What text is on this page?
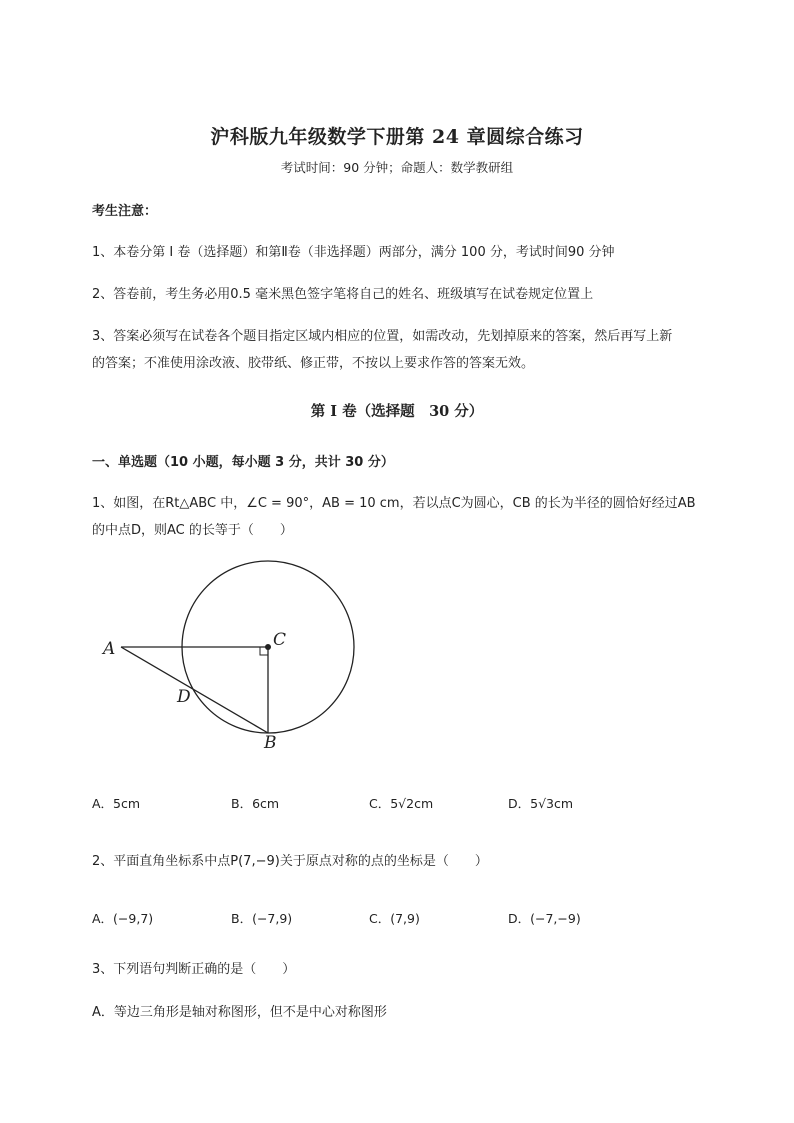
沪科版九年级数学下册第 24 章圆综合练习
考试时间：90 分钟；命题人：数学教研组
考生注意：
1、本卷分第 I 卷（选择题）和第Ⅱ卷（非选择题）两部分，满分 100 分，考试时间90 分钟
2、答卷前，考生务必用0.5 毫米黑色签字笔将自己的姓名、班级填写在试卷规定位置上
3、答案必须写在试卷各个题目指定区域内相应的位置，如需改动，先划掉原来的答案，然后再写上新
的答案；不准使用涂改液、胶带纸、修正带，不按以上要求作答的答案无效。
第 I 卷（选择题　30 分）
一、单选题（10 小题，每小题 3 分，共计 30 分）
1、如图，在Rt△ABC 中，∠C = 90°，AB = 10 cm，若以点C为圆心，CB 的长为半径的圆恰好经过AB
的中点D，则AC 的长等于（　　）
A	C
D
B
A．5cm	B．6cm	C．5√2cm	D．5√3cm
2、平面直角坐标系中点P(7,−9)关于原点对称的点的坐标是（　　）
A．(−9,7)	B．(−7,9)	C．(7,9)	D．(−7,−9)
3、下列语句判断正确的是（　　）
A．等边三角形是轴对称图形，但不是中心对称图形
